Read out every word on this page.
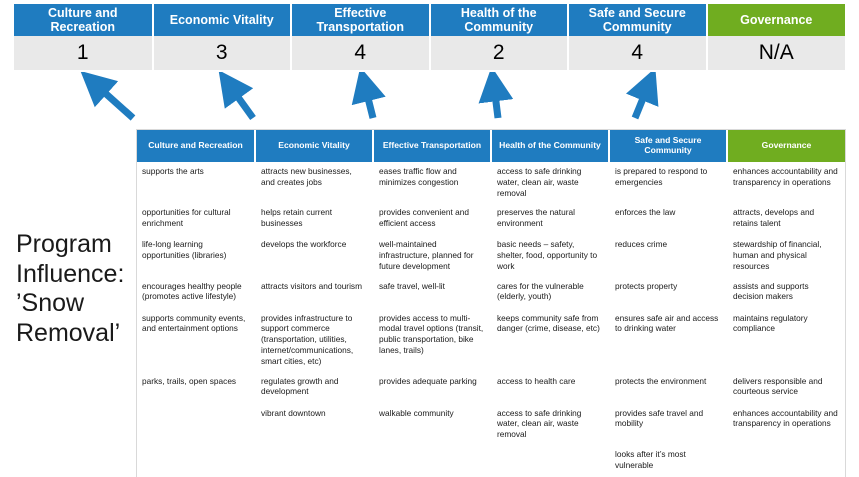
Culture and Recreation	Economic Vitality	Effective Transportation	Health of the Community	Safe and Secure Community	Governance
1	3	4	2	4	N/A
Program
Influence:
’Snow
Removal’
Culture and Recreation	Economic Vitality	Effective Transportation	Health of the Community	Safe and Secure Community	Governance
supports the arts	attracts new businesses, and creates jobs	eases traffic flow and minimizes congestion	access to safe drinking water, clean air, waste removal	is prepared to respond to emergencies	enhances accountability and transparency in operations
opportunities for cultural enrichment	helps retain current businesses	provides convenient and efficient access	preserves the natural environment	enforces the law	attracts, develops and retains talent
life-long learning opportunities (libraries)	develops the workforce	well-maintained infrastructure, planned for future development	basic needs – safety, shelter, food, opportunity to work	reduces crime	stewardship of financial, human and physical resources
encourages healthy people (promotes active lifestyle)	attracts visitors and tourism	safe travel, well-lit	cares for the vulnerable (elderly, youth)	protects property	assists and supports decision makers
supports community events, and entertainment options	provides infrastructure to support commerce (transportation, utilities, internet/communications, smart cities, etc)	provides access to multi-modal travel options (transit, public transportation, bike lanes, trails)	keeps community safe from danger (crime, disease, etc)	ensures safe air and access to drinking water	maintains regulatory compliance
parks, trails, open spaces	regulates growth and development	provides adequate parking	access to health care	protects the environment	delivers responsible and courteous service
	vibrant downtown	walkable community	access to safe drinking water, clean air, waste removal	provides safe travel and mobility	enhances accountability and transparency in operations
				looks after it’s most vulnerable	
